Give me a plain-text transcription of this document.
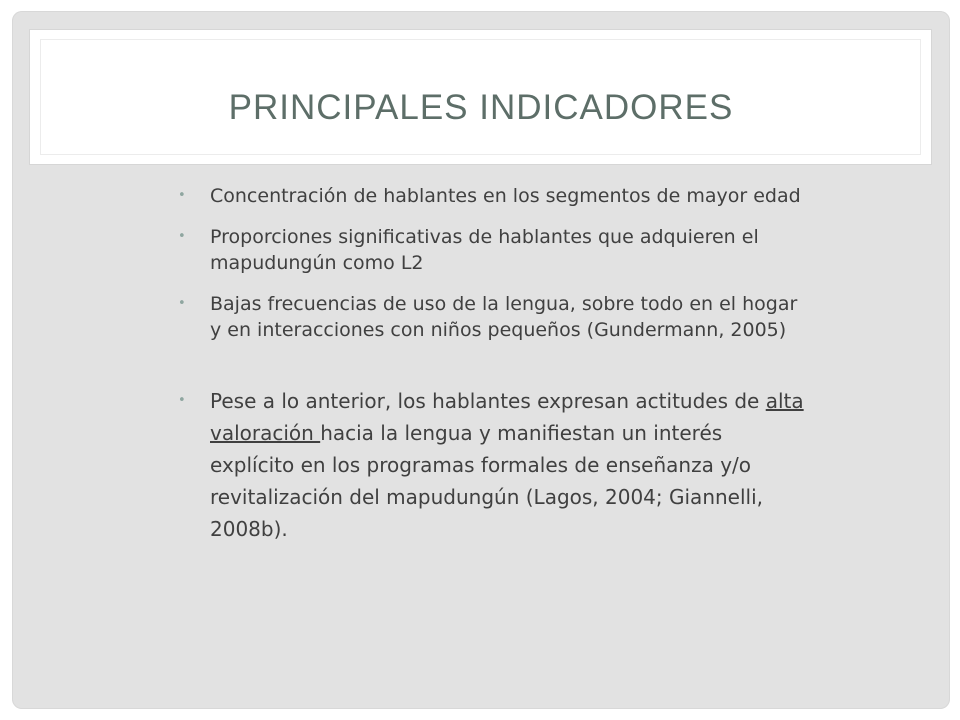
PRINCIPALES INDICADORES
• Concentración de hablantes en los segmentos de mayor edad
• Proporciones significativas de hablantes que adquieren el mapudungún como L2
• Bajas frecuencias de uso de la lengua, sobre todo en el hogar y en interacciones con niños pequeños (Gundermann, 2005)
• Pese a lo anterior, los hablantes expresan actitudes de alta valoración hacia la lengua y manifiestan un interés explícito en los programas formales de enseñanza y/o revitalización del mapudungún (Lagos, 2004; Giannelli, 2008b).
